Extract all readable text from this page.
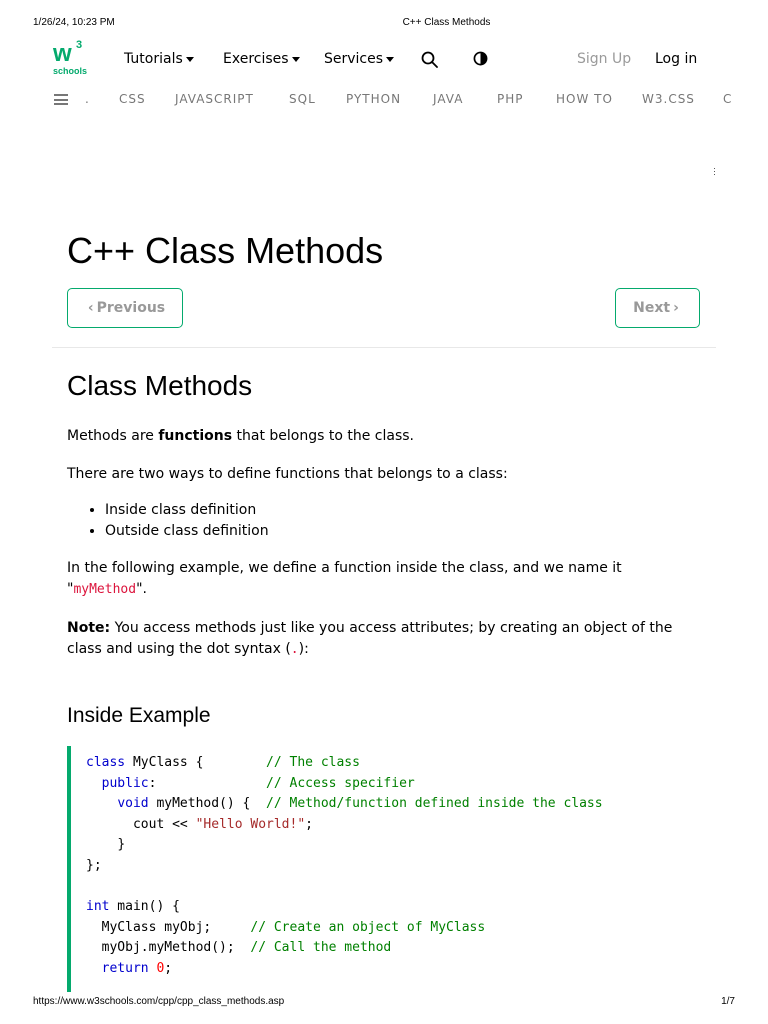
1/26/24, 10:23 PM	C++ Class Methods
w 3
schools
Tutorials	Exercises	Services	Sign Up Log in
. CSS JAVASCRIPT	SQL	PYTHON	JAVA	PHP	HOW TO W3.CSS C
C++ Class Methods
‹ Previous	Next ›
Class Methods

Methods are functions that belongs to the class.

There are two ways to define functions that belongs to a class:

• Inside class definition
• Outside class definition

In the following example, we define a function inside the class, and we name it "myMethod".

Note: You access methods just like you access attributes; by creating an object of the class and using the dot syntax (.):

Inside Example
class MyClass {        // The class
public:              // Access specifier
void myMethod() {  // Method/function defined inside the class
cout << "Hello World!";
}
};

int main() {
MyClass myObj;     // Create an object of MyClass
myObj.myMethod();  // Call the method
return 0;
https://www.w3schools.com/cpp/cpp_class_methods.asp	1/7
